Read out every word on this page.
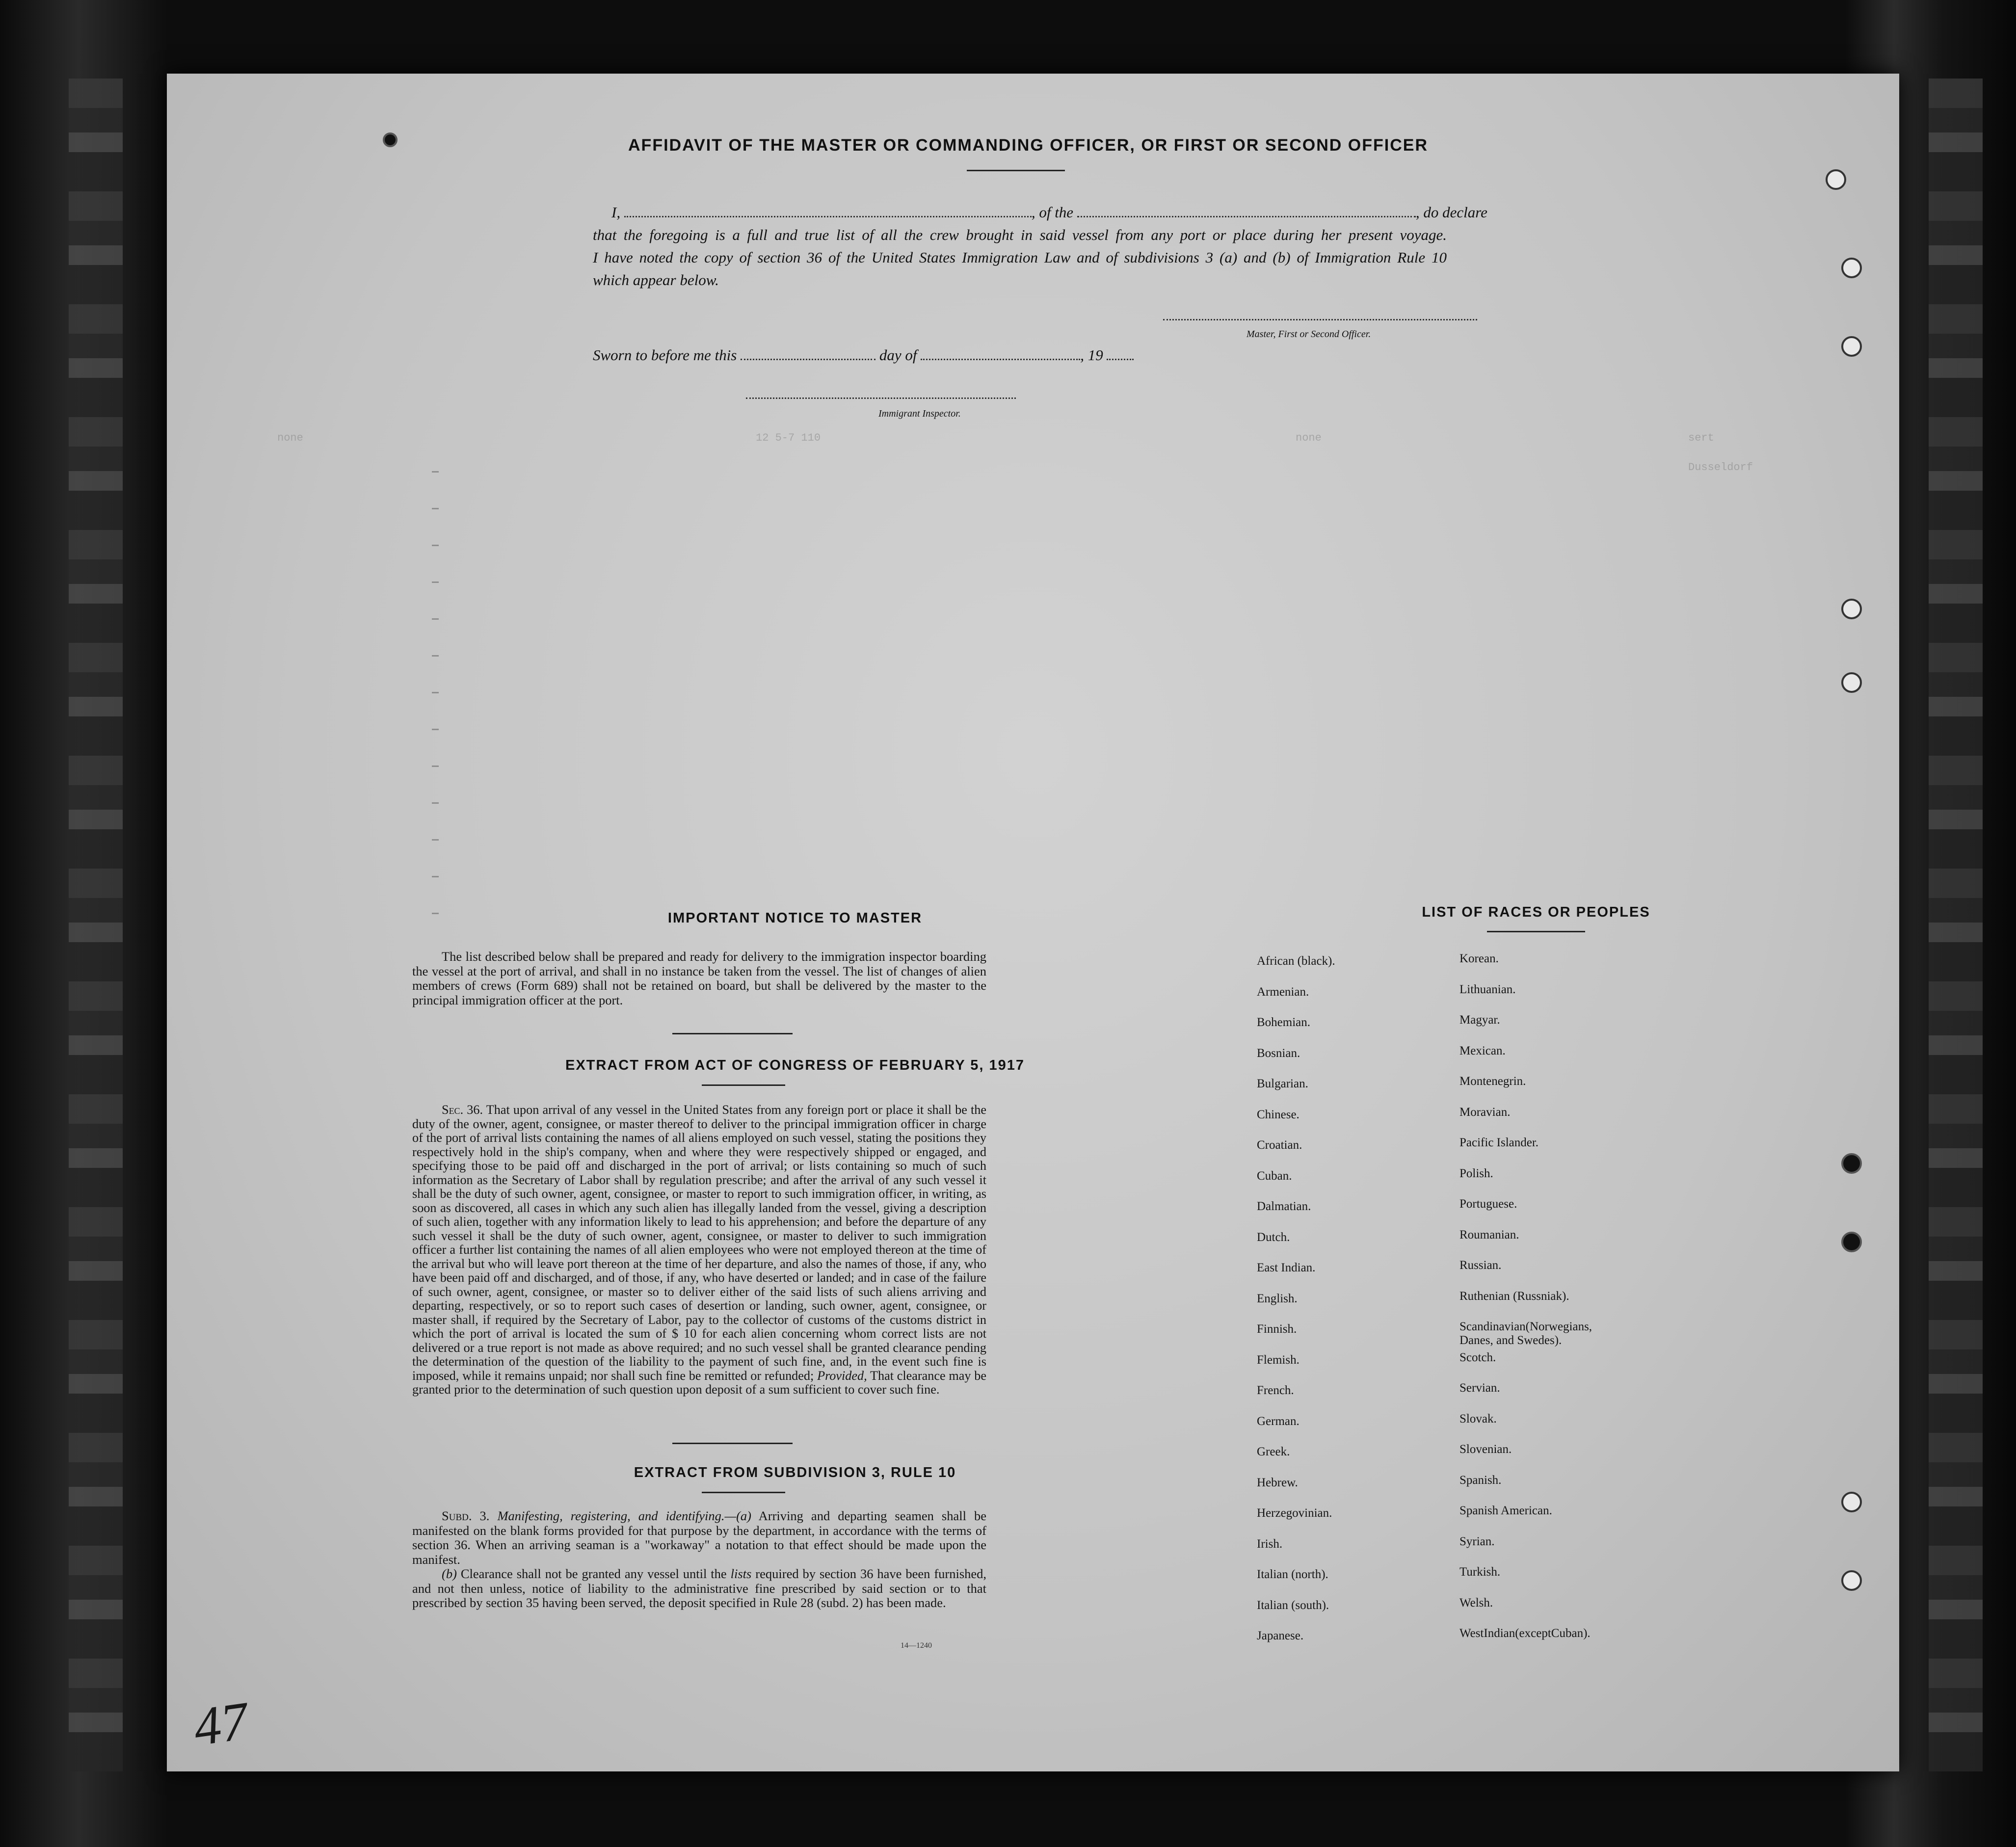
none	12 5-7 110	none	sert
Dusseldorf
AFFIDAVIT OF THE MASTER OR COMMANDING OFFICER, OR FIRST OR SECOND OFFICER
I,	, of the	, do declare
that the foregoing is a full and true list of all the crew brought in said vessel from any port or place during her present voyage.
I have noted the copy of section 36 of the United States Immigration Law and of subdivisions 3 (a) and (b) of Immigration Rule 10
which appear below.
Master, First or Second Officer.
Sworn to before me this	day of	, 19
Immigrant Inspector.
IMPORTANT NOTICE TO MASTER

The list described below shall be prepared and ready for delivery to the immigration inspector boarding the vessel at the port of arrival, and shall in no instance be taken from the vessel. The list of changes of alien members of crews (Form 689) shall not be retained on board, but shall be delivered by the master to the principal immigration officer at the port.

EXTRACT FROM ACT OF CONGRESS OF FEBRUARY 5, 1917

Sec. 36. That upon arrival of any vessel in the United States from any foreign port or place it shall be the duty of the owner, agent, consignee, or master thereof to deliver to the principal immigration officer in charge of the port of arrival lists containing the names of all aliens employed on such vessel, stating the positions they respectively hold in the ship's company, when and where they were respectively shipped or engaged, and specifying those to be paid off and discharged in the port of arrival; or lists containing so much of such information as the Secretary of Labor shall by regulation prescribe; and after the arrival of any such vessel it shall be the duty of such owner, agent, consignee, or master to report to such immigration officer, in writing, as soon as discovered, all cases in which any such alien has illegally landed from the vessel, giving a description of such alien, together with any information likely to lead to his apprehension; and before the departure of any such vessel it shall be the duty of such owner, agent, consignee, or master to deliver to such immigration officer a further list containing the names of all alien employees who were not employed thereon at the time of the arrival but who will leave port thereon at the time of her departure, and also the names of those, if any, who have been paid off and discharged, and of those, if any, who have deserted or landed; and in case of the failure of such owner, agent, consignee, or master so to deliver either of the said lists of such aliens arriving and departing, respectively, or so to report such cases of desertion or landing, such owner, agent, consignee, or master shall, if required by the Secretary of Labor, pay to the collector of customs of the customs district in which the port of arrival is located the sum of $ 10 for each alien concerning whom correct lists are not delivered or a true report is not made as above required; and no such vessel shall be granted clearance pending the determination of the question of the liability to the payment of such fine, and, in the event such fine is imposed, while it remains unpaid; nor shall such fine be remitted or refunded; Provided, That clearance may be granted prior to the determination of such question upon deposit of a sum sufficient to cover such fine.

EXTRACT FROM SUBDIVISION 3, RULE 10

Subd. 3. Manifesting, registering, and identifying.—(a) Arriving and departing seamen shall be manifested on the blank forms provided for that purpose by the department, in accordance with the terms of section 36. When an arriving seaman is a "workaway" a notation to that effect should be made upon the manifest.

(b) Clearance shall not be granted any vessel until the lists required by section 36 have been furnished, and not then unless, notice of liability to the administrative fine prescribed by said section or to that prescribed by section 35 having been served, the deposit specified in Rule 28 (subd. 2) has been made.

14—1240
LIST OF RACES OR PEOPLES
African (black).
Armenian.
Bohemian.
Bosnian.
Bulgarian.
Chinese.
Croatian.
Cuban.
Dalmatian.
Dutch.
East Indian.
English.
Finnish.
Flemish.
French.
German.
Greek.
Hebrew.
Herzegovinian.
Irish.
Italian (north).
Italian (south).
Japanese.
Korean.
Lithuanian.
Magyar.
Mexican.
Montenegrin.
Moravian.
Pacific Islander.
Polish.
Portuguese.
Roumanian.
Russian.
Ruthenian (Russniak).
Scandinavian(Norwegians, Danes, and Swedes).
Scotch.
Servian.
Slovak.
Slovenian.
Spanish.
Spanish American.
Syrian.
Turkish.
Welsh.
WestIndian(exceptCuban).
47
